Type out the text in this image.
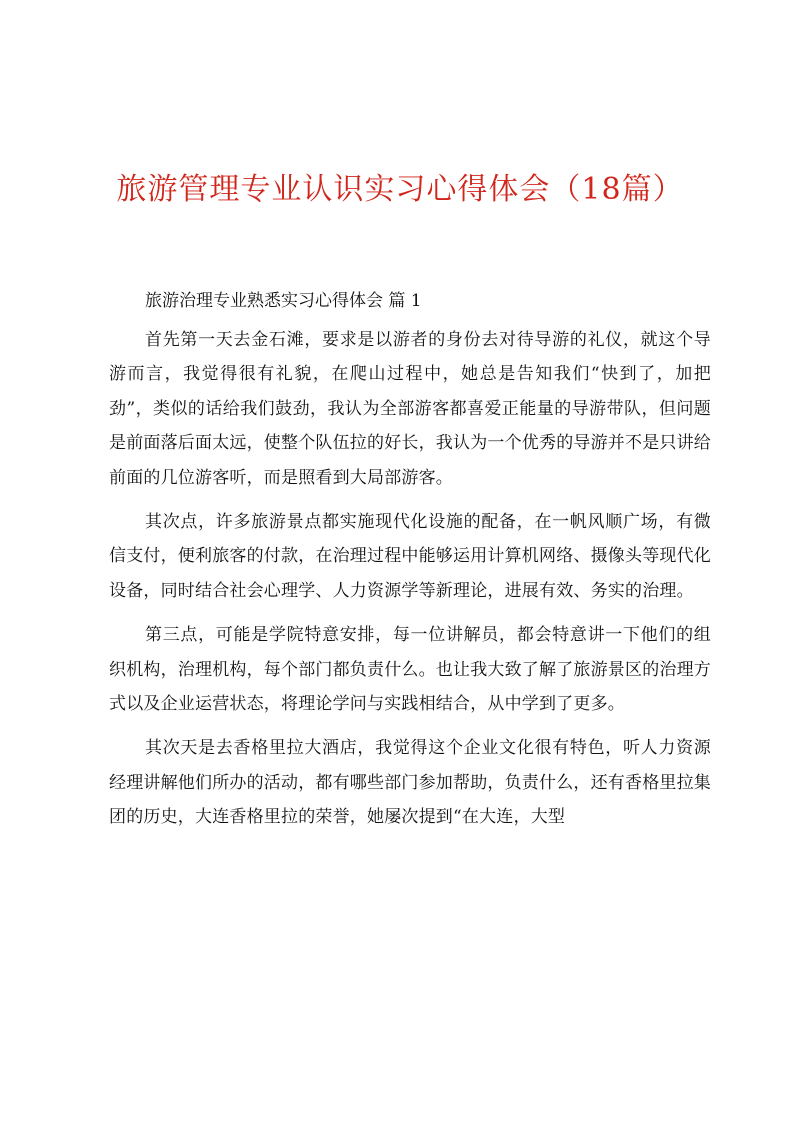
旅游管理专业认识实习心得体会（18篇）

旅游治理专业熟悉实习心得体会 篇 1

首先第一天去金石滩，要求是以游者的身份去对待导游的礼仪，就这个导游而言，我觉得很有礼貌，在爬山过程中，她总是告知我们“快到了，加把劲”，类似的话给我们鼓劲，我认为全部游客都喜爱正能量的导游带队，但问题是前面落后面太远，使整个队伍拉的好长，我认为一个优秀的导游并不是只讲给前面的几位游客听，而是照看到大局部游客。

其次点，许多旅游景点都实施现代化设施的配备，在一帆风顺广场，有微信支付，便利旅客的付款，在治理过程中能够运用计算机网络、摄像头等现代化设备，同时结合社会心理学、人力资源学等新理论，进展有效、务实的治理。

第三点，可能是学院特意安排，每一位讲解员，都会特意讲一下他们的组织机构，治理机构，每个部门都负责什么。也让我大致了解了旅游景区的治理方式以及企业运营状态，将理论学问与实践相结合，从中学到了更多。

其次天是去香格里拉大酒店，我觉得这个企业文化很有特色，听人力资源经理讲解他们所办的活动，都有哪些部门参加帮助，负责什么，还有香格里拉集团的历史，大连香格里拉的荣誉，她屡次提到“在大连，大型
